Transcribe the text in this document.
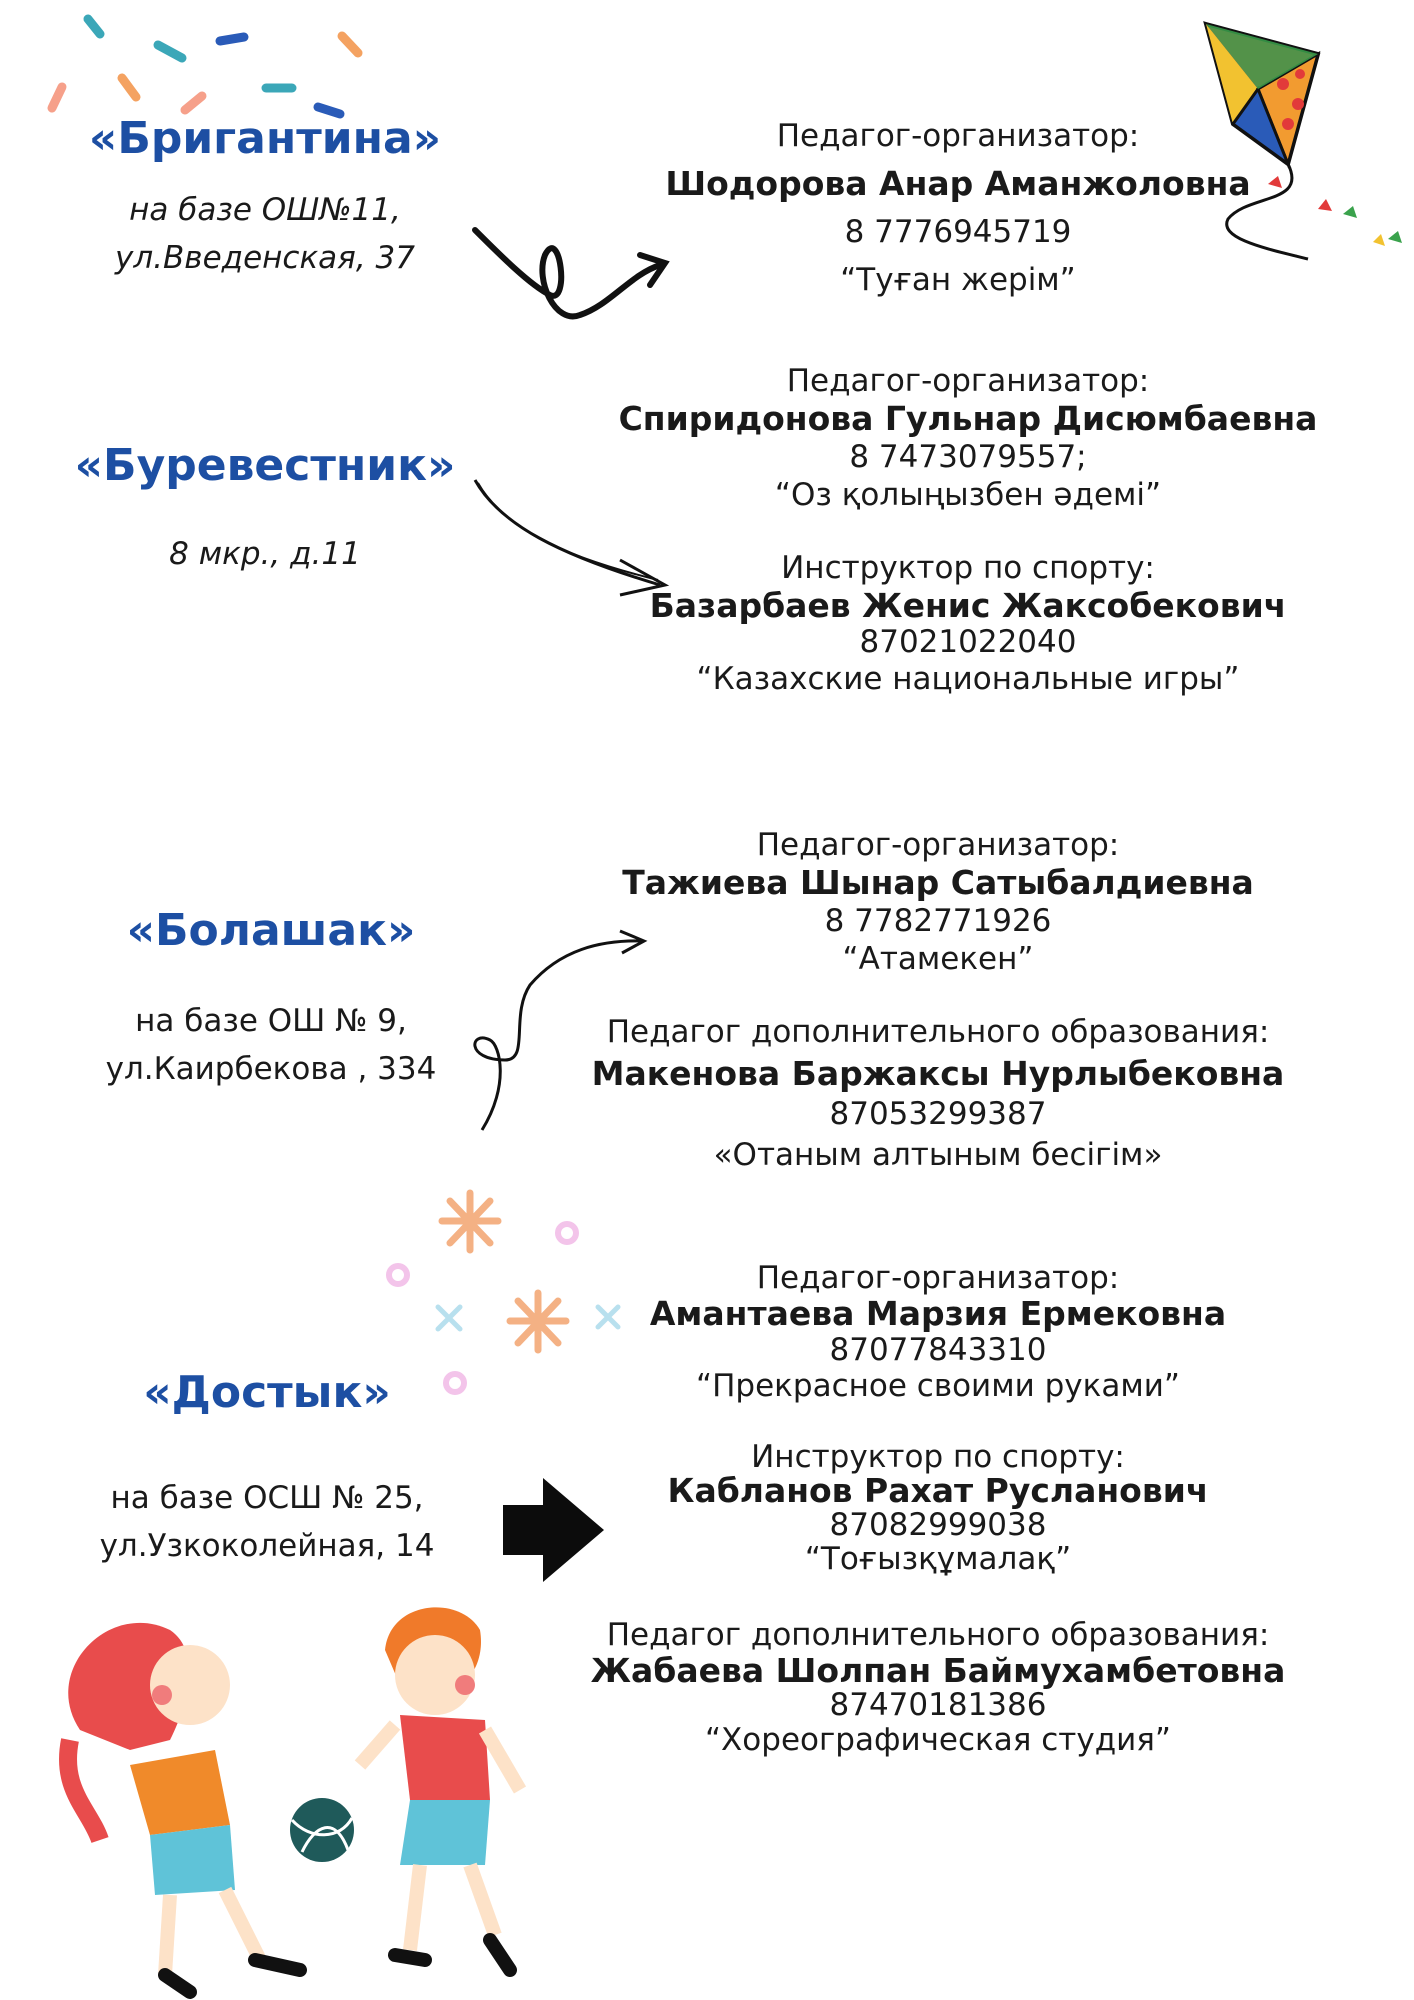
«Бригантина»
на базе ОШ№11,
ул.Введенская, 37
Педагог-организатор:
Шодорова Анар Аманжоловна
8 7776945719
“Туған жерім”
«Буревестник»
8 мкр., д.11
Педагог-организатор:
Спиридонова Гульнар Дисюмбаевна
8 7473079557;
“Оз қолыңызбен әдемі”
Инструктор по спорту:
Базарбаев Женис Жаксобекович
87021022040
“Казахские национальные игры”
«Болашак»
на базе ОШ № 9,
ул.Каирбекова , 334
Педагог-организатор:
Тажиева Шынар Сатыбалдиевна
8 7782771926
“Атамекен”
Педагог дополнительного образования:
Макенова Баржаксы Нурлыбековна
87053299387
«Отаным алтыным бесігім»
«Достык»
на базе ОСШ № 25,
ул.Узкоколейная, 14
Педагог-организатор:
Амантаева Марзия Ермековна
87077843310
“Прекрасное своими руками”
Инструктор по спорту:
Кабланов Рахат Русланович
87082999038
“Тоғызқұмалақ”
Педагог дополнительного образования:
Жабаева Шолпан Баймухамбетовна
87470181386
“Хореографическая студия”
